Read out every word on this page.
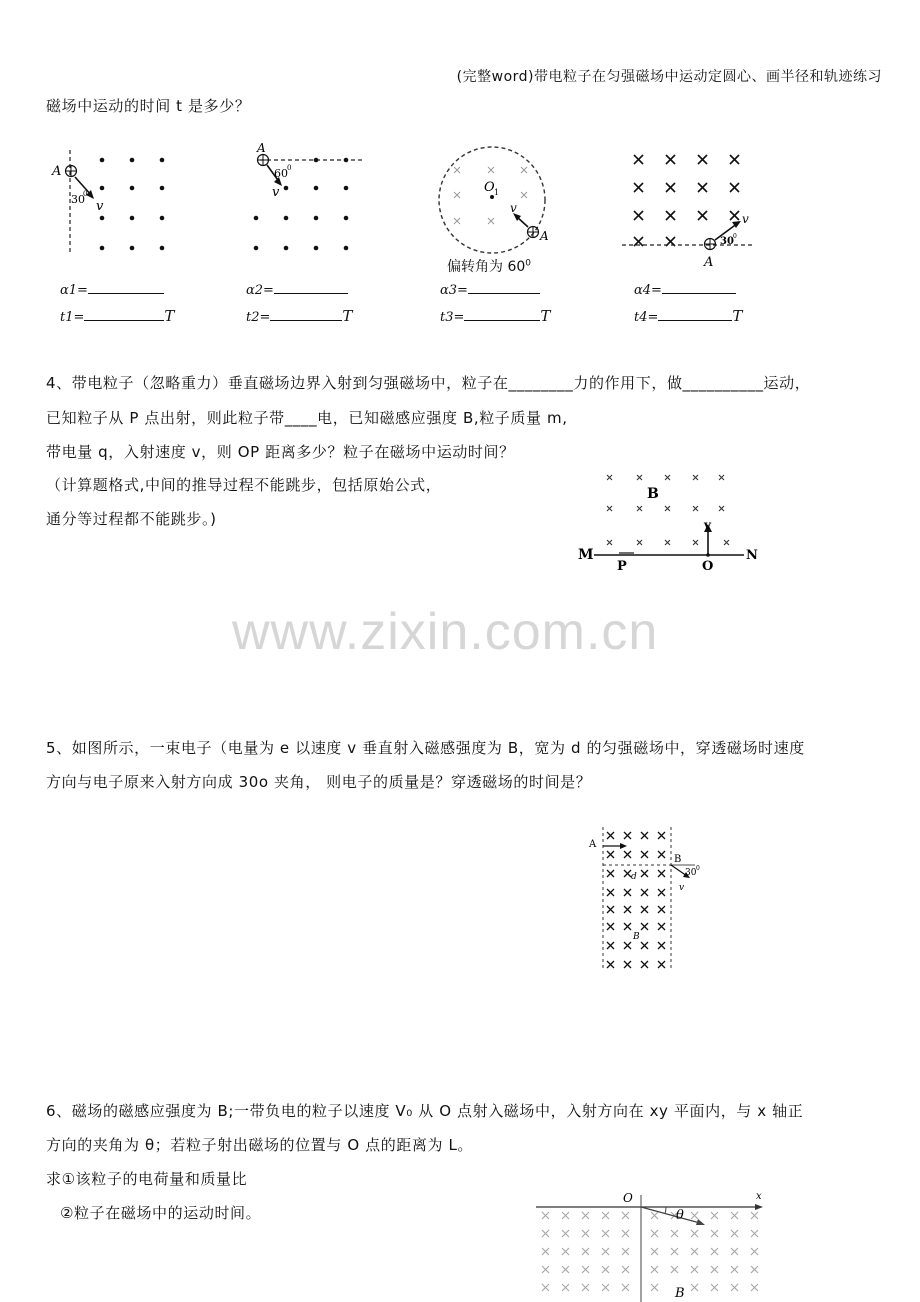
(完整word)带电粒子在匀强磁场中运动定圆心、画半径和轨迹练习
磁场中运动的时间 t 是多少？
A
v
30
0
A
v
60 0
O 1
v
A
偏转角为 $60^0$
v
30 0
A
α1=
t1=	T
α2=
t2=	T
α3=
t3=	T
α4=
t4=	T
4、带电粒子（忽略重力）垂直磁场边界入射到匀强磁场中，粒子在________力的作用下，做__________运动，
已知粒子从 P 点出射，则此粒子带____电，已知磁感应强度 B,粒子质量 m,
带电量 q，入射速度 v，则 OP 距离多少？粒子在磁场中运动时间？
（计算题格式,中间的推导过程不能跳步，包括原始公式，
通分等过程都不能跳步。)
B
v
M	N
P	O
www.zixin.com.cn
5、如图所示，一束电子（电量为 e 以速度 v 垂直射入磁感强度为 B，宽为 d 的匀强磁场中，穿透磁场时速度
方向与电子原来入射方向成 30o 夹角， 则电子的质量是？穿透磁场的时间是？
A
B
30 0
v
d
B
6、磁场的磁感应强度为 B;一带负电的粒子以速度 V₀ 从 O 点射入磁场中，入射方向在 xy 平面内，与 x 轴正
方向的夹角为 θ；若粒子射出磁场的位置与 O 点的距离为 L。
求①该粒子的电荷量和质量比
②粒子在磁场中的运动时间。
O	x
θ
B
